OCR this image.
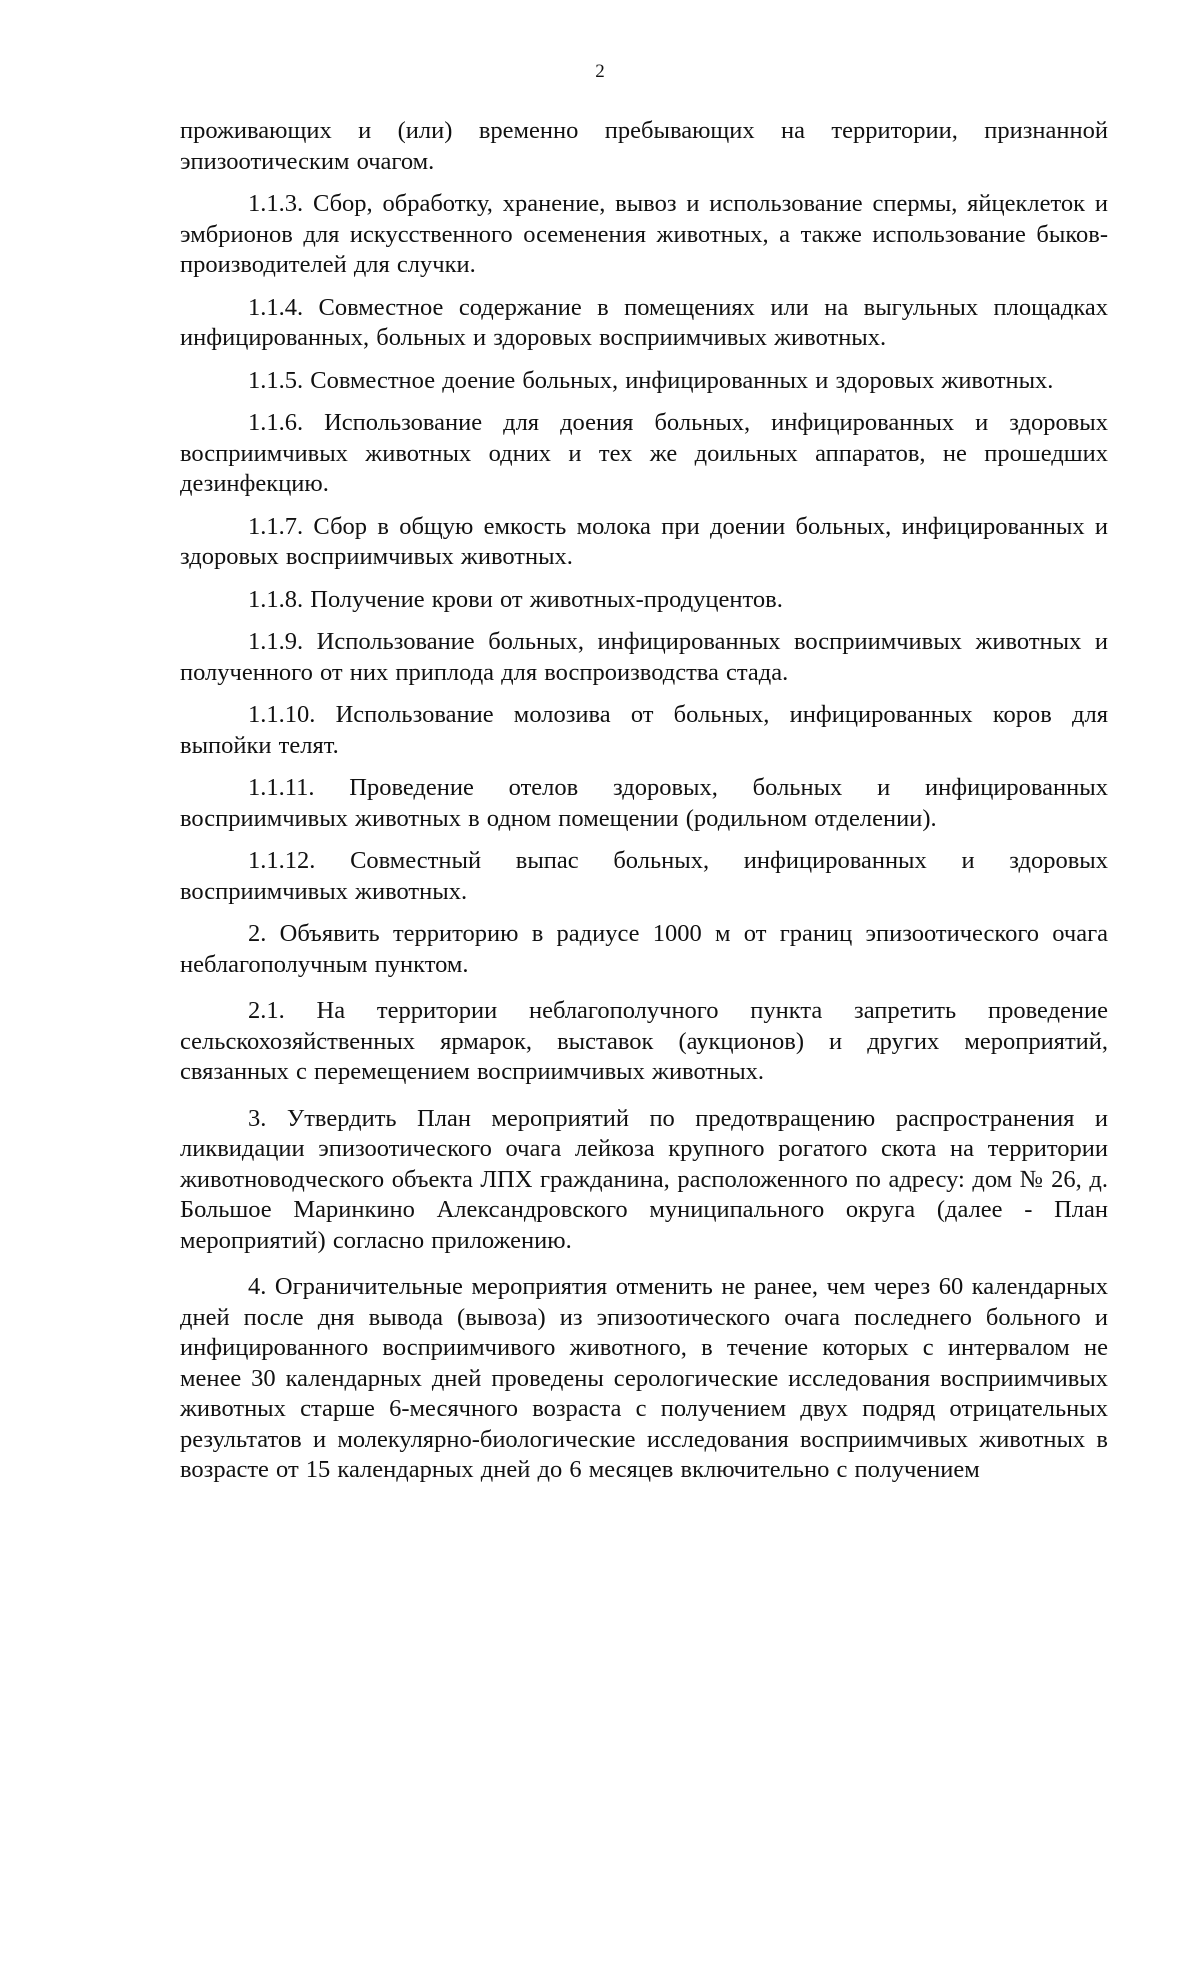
2

проживающих и (или) временно пребывающих на территории, признанной эпизоотическим очагом.

1.1.3. Сбор, обработку, хранение, вывоз и использование спермы, яйцеклеток и эмбрионов для искусственного осеменения животных, а также использование быков-производителей для случки.

1.1.4. Совместное содержание в помещениях или на выгульных площадках инфицированных, больных и здоровых восприимчивых животных.

1.1.5. Совместное доение больных, инфицированных и здоровых животных.

1.1.6. Использование для доения больных, инфицированных и здоровых восприимчивых животных одних и тех же доильных аппаратов, не прошедших дезинфекцию.

1.1.7. Сбор в общую емкость молока при доении больных, инфицированных и здоровых восприимчивых животных.

1.1.8. Получение крови от животных-продуцентов.

1.1.9. Использование больных, инфицированных восприимчивых животных и полученного от них приплода для воспроизводства стада.

1.1.10. Использование молозива от больных, инфицированных коров для выпойки телят.

1.1.11. Проведение отелов здоровых, больных и инфицированных восприимчивых животных в одном помещении (родильном отделении).

1.1.12. Совместный выпас больных, инфицированных и здоровых восприимчивых животных.

2. Объявить территорию в радиусе 1000 м от границ эпизоотического очага неблагополучным пунктом.

2.1. На территории неблагополучного пункта запретить проведение сельскохозяйственных ярмарок, выставок (аукционов) и других мероприятий, связанных с перемещением восприимчивых животных.

3. Утвердить План мероприятий по предотвращению распространения и ликвидации эпизоотического очага лейкоза крупного рогатого скота на территории животноводческого объекта ЛПХ гражданина, расположенного по адресу: дом № 26, д. Большое Маринкино Александровского муниципального округа (далее - План мероприятий) согласно приложению.

4. Ограничительные мероприятия отменить не ранее, чем через 60 календарных дней после дня вывода (вывоза) из эпизоотического очага последнего больного и инфицированного восприимчивого животного, в течение которых с интервалом не менее 30 календарных дней проведены серологические исследования восприимчивых животных старше 6-месячного возраста с получением двух подряд отрицательных результатов и молекулярно-биологические исследования восприимчивых животных в возрасте от 15 календарных дней до 6 месяцев включительно с получением
